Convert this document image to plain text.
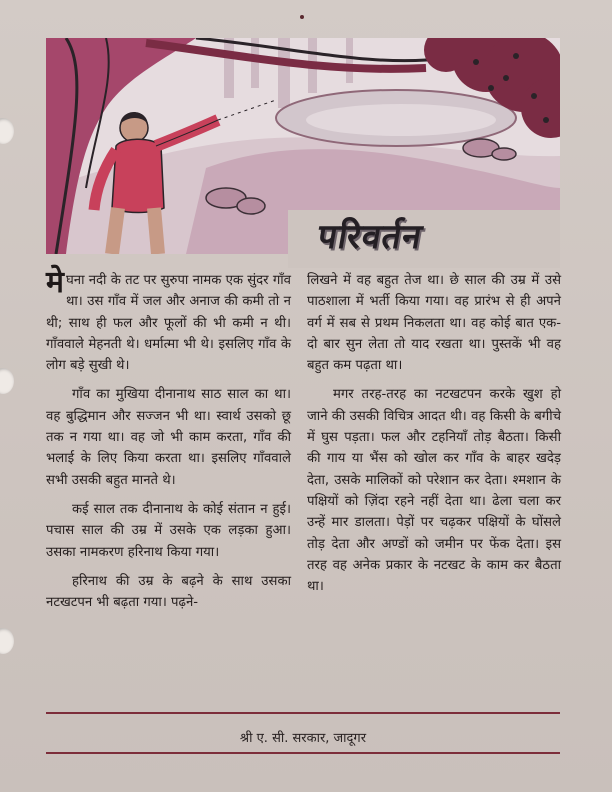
परिवर्तन

मेघना नदी के तट पर सुरुपा नामक एक सुंदर गाँव था। उस गाँव में जल और अनाज की कमी तो न थी; साथ ही फल और फूलों की भी कमी न थी। गाँववाले मेहनती थे। धर्मात्मा भी थे। इसलिए गाँव के लोग बड़े सुखी थे।

गाँव का मुखिया दीनानाथ साठ साल का था। वह बुद्धिमान और सज्जन भी था। स्वार्थ उसको छू तक न गया था। वह जो भी काम करता, गाँव की भलाई के लिए किया करता था। इसलिए गाँववाले सभी उसकी बहुत मानते थे।

कई साल तक दीनानाथ के कोई संतान न हुई। पचास साल की उम्र में उसके एक लड़का हुआ। उसका नामकरण हरिनाथ किया गया।

हरिनाथ की उम्र के बढ़ने के साथ उसका नटखटपन भी बढ़ता गया। पढ़ने-

लिखने में वह बहुत तेज था। छे साल की उम्र में उसे पाठशाला में भर्ती किया गया। वह प्रारंभ से ही अपने वर्ग में सब से प्रथम निकलता था। वह कोई बात एक-दो बार सुन लेता तो याद रखता था। पुस्तकें भी वह बहुत कम पढ़ता था।

मगर तरह-तरह का नटखटपन करके खुश हो जाने की उसकी विचित्र आदत थी। वह किसी के बगीचे में घुस पड़ता। फल और टहनियाँ तोड़ बैठता। किसी की गाय या भैंस को खोल कर गाँव के बाहर खदेड़ देता, उसके मालिकों को परेशान कर देता। श्मशान के पक्षियों को ज़िंदा रहने नहीं देता था। ढेला चला कर उन्हें मार डालता। पेड़ों पर चढ़कर पक्षियों के घोंसले तोड़ देता और अण्डों को जमीन पर फेंक देता। इस तरह वह अनेक प्रकार के नटखट के काम कर बैठता था।

श्री ए. सी. सरकार, जादूगर
